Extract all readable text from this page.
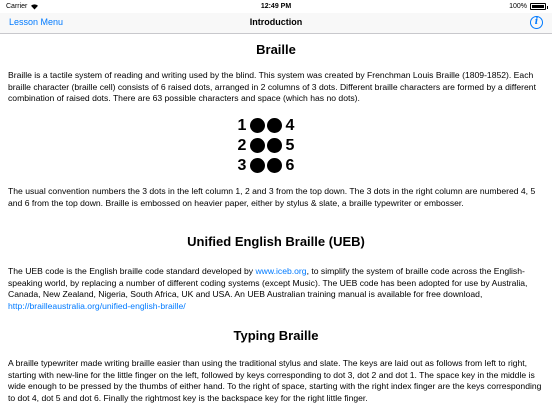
Carrier	12:49 PM	100%
Lesson Menu	Introduction	i
Braille

Braille is a tactile system of reading and writing used by the blind. This system was created by Frenchman Louis Braille (1809-1852). Each braille character (braille cell) consists of 6 raised dots, arranged in 2 columns of 3 dots. Different braille characters are formed by a different combination of raised dots. There are 63 possible characters and space (which has no dots).

1 4
2 5
3 6

The usual convention numbers the 3 dots in the left column 1, 2 and 3 from the top down. The 3 dots in the right column are numbered 4, 5 and 6 from the top down. Braille is embossed on heavier paper, either by stylus & slate, a braille typewriter or embosser.

Unified English Braille (UEB)

The UEB code is the English braille code standard developed by www.iceb.org, to simplify the system of braille code across the English-speaking world, by replacing a number of different coding systems (except Music). The UEB code has been adopted for use by Australia, Canada, New Zealand, Nigeria, South Africa, UK and USA. An UEB Australian training manual is available for free download, http://brailleaustralia.org/unified-english-braille/

Typing Braille

A braille typewriter made writing braille easier than using the traditional stylus and slate. The keys are laid out as follows from left to right, starting with new-line for the little finger on the left, followed by keys corresponding to dot 3, dot 2 and dot 1. The space key in the middle is wide enough to be pressed by the thumbs of either hand. To the right of space, starting with the right index finger are the keys corresponding to dot 4, dot 5 and dot 6. Finally the rightmost key is the backspace key for the right little finger.
